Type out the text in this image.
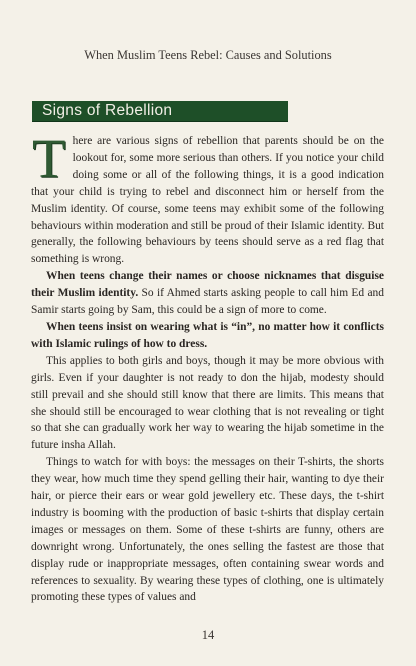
When Muslim Teens Rebel: Causes and Solutions
Signs of Rebellion

There are various signs of rebellion that parents should be on the lookout for, some more serious than others. If you notice your child doing some or all of the following things, it is a good indication that your child is trying to rebel and disconnect him or herself from the Muslim identity. Of course, some teens may exhibit some of the following behaviours within moderation and still be proud of their Islamic identity. But generally, the following behaviours by teens should serve as a red flag that something is wrong.

When teens change their names or choose nicknames that disguise their Muslim identity. So if Ahmed starts asking people to call him Ed and Samir starts going by Sam, this could be a sign of more to come.

When teens insist on wearing what is “in”, no matter how it conflicts with Islamic rulings of how to dress.

This applies to both girls and boys, though it may be more obvious with girls. Even if your daughter is not ready to don the hijab, modesty should still prevail and she should still know that there are limits. This means that she should still be encouraged to wear clothing that is not revealing or tight so that she can gradually work her way to wearing the hijab sometime in the future insha Allah.

Things to watch for with boys: the messages on their T-shirts, the shorts they wear, how much time they spend gelling their hair, wanting to dye their hair, or pierce their ears or wear gold jewellery etc. These days, the t-shirt industry is booming with the production of basic t-shirts that display certain images or messages on them. Some of these t-shirts are funny, others are downright wrong. Unfortunately, the ones selling the fastest are those that display rude or inappropriate messages, often containing swear words and references to sexuality. By wearing these types of clothing, one is ultimately promoting these types of values and

14
